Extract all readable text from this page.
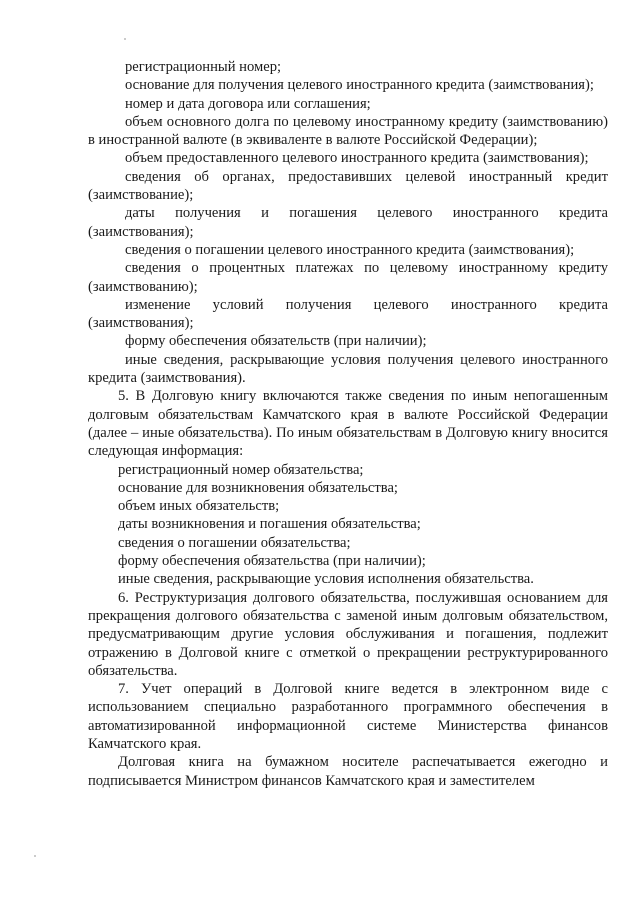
регистрационный номер;

основание для получения целевого иностранного кредита (заимствования);

номер и дата договора или соглашения;

объем основного долга по целевому иностранному кредиту (заимствованию) в иностранной валюте (в эквиваленте в валюте Российской Федерации);

объем предоставленного целевого иностранного кредита (заимствования);

сведения об органах, предоставивших целевой иностранный кредит (заимствование);

даты получения и погашения целевого иностранного кредита (заимствования);

сведения о погашении целевого иностранного кредита (заимствования);

сведения о процентных платежах по целевому иностранному кредиту (заимствованию);

изменение условий получения целевого иностранного кредита (заимствования);

форму обеспечения обязательств (при наличии);

иные сведения, раскрывающие условия получения целевого иностранного кредита (заимствования).

5. В Долговую книгу включаются также сведения по иным непогашенным долговым обязательствам Камчатского края в валюте Российской Федерации (далее – иные обязательства). По иным обязательствам в Долговую книгу вносится следующая информация:

регистрационный номер обязательства;

основание для возникновения обязательства;

объем иных обязательств;

даты возникновения и погашения обязательства;

сведения о погашении обязательства;

форму обеспечения обязательства (при наличии);

иные сведения, раскрывающие условия исполнения обязательства.

6. Реструктуризация долгового обязательства, послужившая основанием для прекращения долгового обязательства с заменой иным долговым обязательством, предусматривающим другие условия обслуживания и погашения, подлежит отражению в Долговой книге с отметкой о прекращении реструктурированного обязательства.

7. Учет операций в Долговой книге ведется в электронном виде с использованием специально разработанного программного обеспечения в автоматизированной информационной системе Министерства финансов Камчатского края.

Долговая книга на бумажном носителе распечатывается ежегодно и подписывается Министром финансов Камчатского края и заместителем
